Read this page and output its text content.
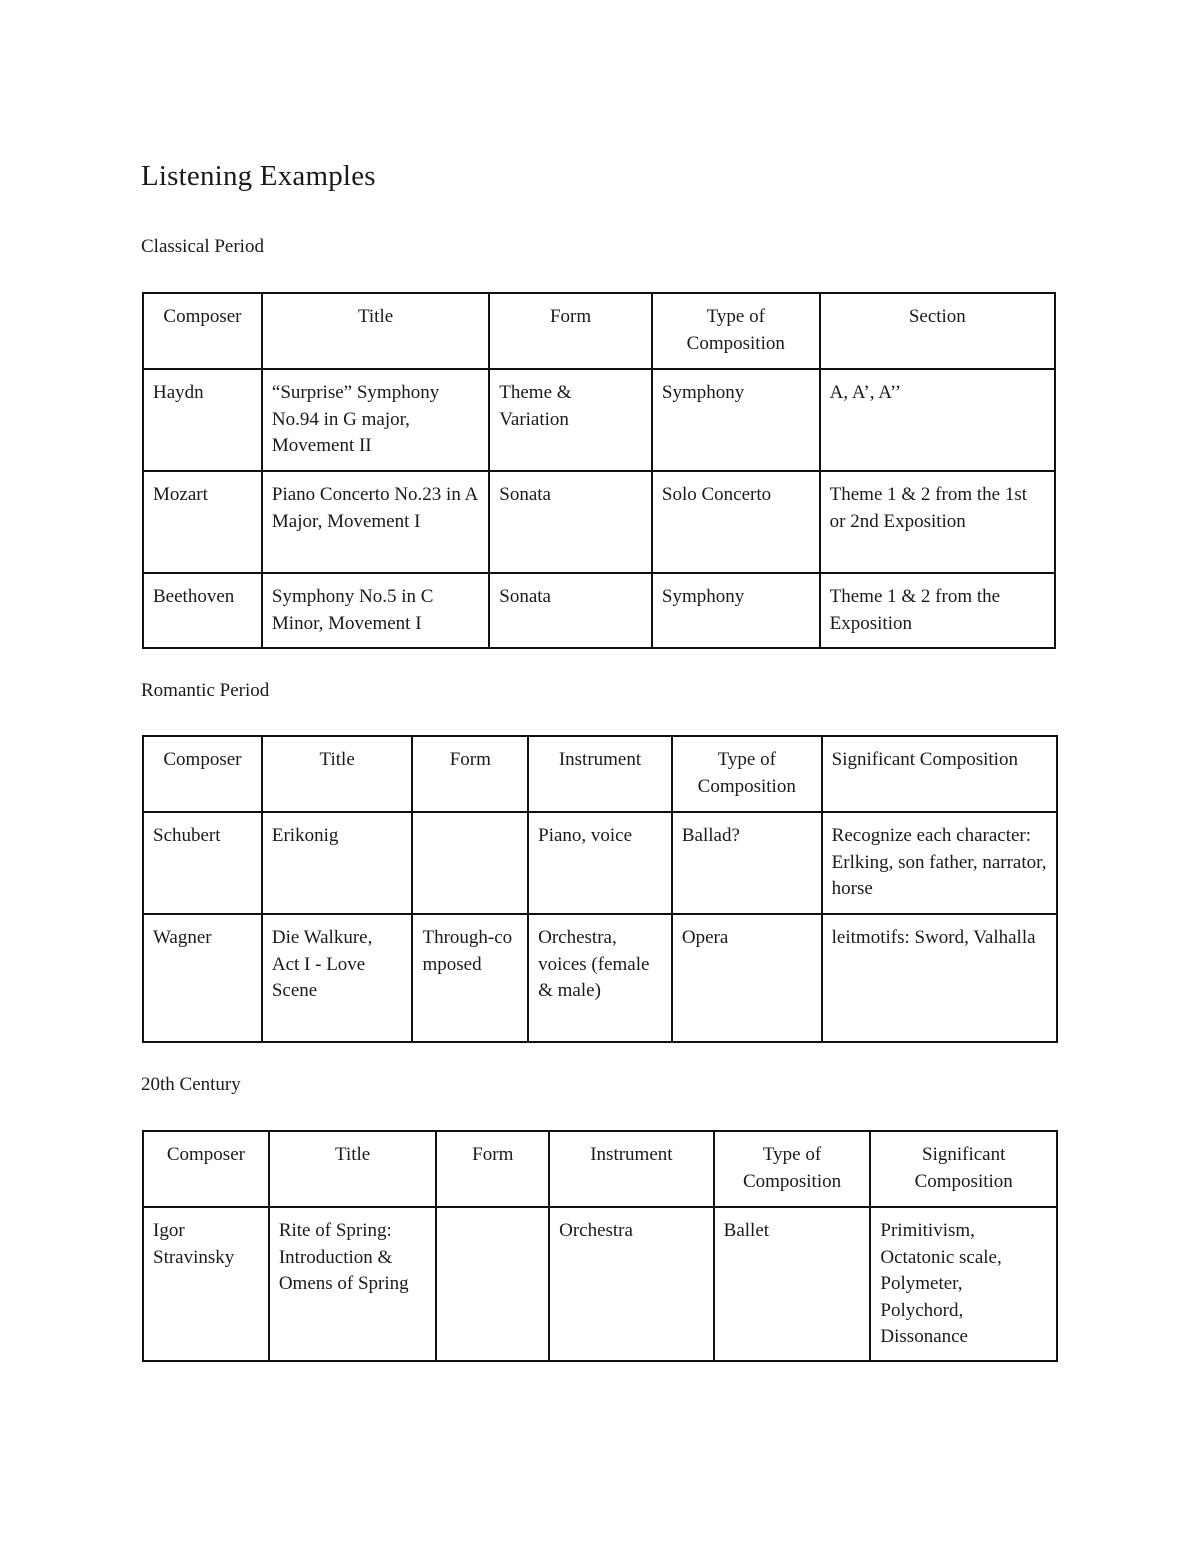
Listening Examples

Classical Period

Composer	Title	Form	Type of Composition	Section
Haydn	“Surprise” Symphony No.94 in G major, Movement II	Theme & Variation	Symphony	A, A’, A’’
Mozart	Piano Concerto No.23 in A Major, Movement I	Sonata	Solo Concerto	Theme 1 & 2 from the 1st or 2nd Exposition
Beethoven	Symphony No.5 in C Minor, Movement I	Sonata	Symphony	Theme 1 & 2 from the Exposition

Romantic Period

Composer	Title	Form	Instrument	Type of Composition	Significant Composition
Schubert	Erikonig		Piano, voice	Ballad?	Recognize each character: Erlking, son father, narrator, horse
Wagner	Die Walkure, Act I - Love Scene	Through-composed	Orchestra, voices (female & male)	Opera	leitmotifs: Sword, Valhalla

20th Century

Composer	Title	Form	Instrument	Type of Composition	Significant Composition
Igor Stravinsky	Rite of Spring: Introduction & Omens of Spring		Orchestra	Ballet	Primitivism, Octatonic scale, Polymeter, Polychord, Dissonance
